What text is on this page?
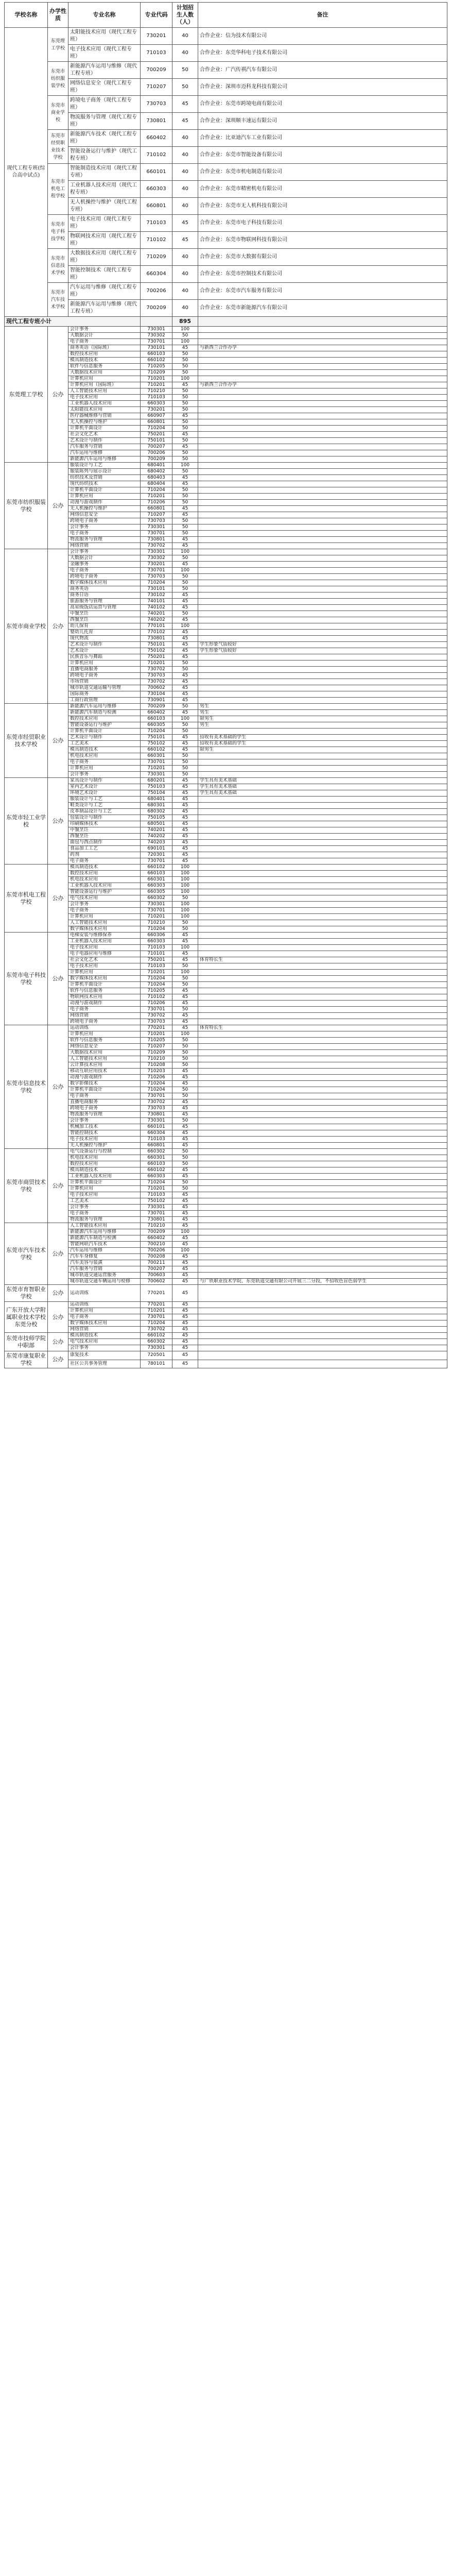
学校名称	办学性质	专业名称	专业代码	计划招生人数（人）	备注
现代工程专班(综合高中试点)	东莞理工学校	太阳能技术应用（现代工程专班）	730201	40	合作企业：信为技术有限公司
		电子技术应用（现代工程专班）	710103	40	合作企业：东莞华科电子技术有限公司
	东莞市纺织服装学校	新能源汽车运用与维修（现代工程专班）	700209	50	合作企业：广汽传祺汽车有限公司
		网络信息安全（现代工程专班）	710207	50	合作企业：深圳市迈科龙科技有限公司
	东莞市商业学校	跨境电子商务（现代工程专班）	730703	45	合作企业：东莞市跨境电商有限公司
		物流服务与管理（现代工程专班）	730801	45	合作企业：深圳顺丰速运有限公司
	东莞市经贸职业技术学校	新能源汽车技术（现代工程专班）	660402	40	合作企业：比亚迪汽车工业有限公司
		智能设备运行与维护（现代工程专班）	710102	40	合作企业：东莞市智能设备有限公司
	东莞市机电工程学校	智能制造技术应用（现代工程专班）	660101	40	合作企业：东莞市机电制造有限公司
		工业机器人技术应用（现代工程专班）	660303	40	合作企业：东莞市精密机电有限公司
		无人机操控与维护（现代工程专班）	660801	40	合作企业：东莞市无人机科技有限公司
	东莞市电子科技学校	电子技术应用（现代工程专班）	710103	45	合作企业：东莞市电子科技有限公司
		物联网技术应用（现代工程专班）	710102	45	合作企业：东莞市物联网科技有限公司
	东莞市信息技术学校	大数据技术应用（现代工程专班）	710209	40	合作企业：东莞市大数据有限公司
		智能控制技术（现代工程专班）	660304	40	合作企业：东莞市控制技术有限公司
	东莞市汽车技术学校	汽车运用与维修（现代工程专班）	700206	40	合作企业：东莞市汽车服务有限公司
		新能源汽车运用与维修（现代工程专班）	700209	40	合作企业：东莞市新能源汽车有限公司
现代工程专班小计				895	
东莞理工学校	公办	会计事务	730301	100	
		大数据会计	730302	50	
		电子商务	730701	100	
		商务英语（国际班）	730101	45	与新西兰合作办学
		数控技术应用	660103	50	
		模具制造技术	660102	50	
		软件与信息服务	710205	50	
		大数据技术应用	710209	50	
		计算机应用	710201	100	
		计算机应用（国际班）	710201	45	与新西兰合作办学
		人工智能技术应用	710210	50	
		电子技术应用	710103	50	
		工业机器人技术应用	660303	50	
		太阳能技术应用	730201	50	
		医疗器械维修与营销	660907	45	
		无人机操控与维护	660801	50	
		计算机平面设计	710204	50	
		社会文化艺术	750201	45	
		艺术设计与制作	750101	50	
		汽车服务与营销	700207	45	
		汽车运用与维修	700206	50	
		新能源汽车运用与维修	700209	50	
东莞市纺织服装学校	公办	服装设计与工艺	680401	100	
		服装陈列与展示设计	680402	50	
		纺织技术及营销	680403	45	
		现代纺织技术	680404	45	
		计算机平面设计	710204	50	
		计算机应用	710201	50	
		动漫与游戏制作	710206	50	
		无人机操控与维护	660801	45	
		网络信息安全	710207	45	
		跨境电子商务	730703	50	
		会计事务	730301	50	
		电子商务	730701	50	
		物流服务与管理	730801	45	
		网络营销	730702	45	
东莞市商业学校	公办	会计事务	730301	100	
		大数据会计	730302	50	
		金融事务	730201	45	
		电子商务	730701	100	
		跨境电子商务	730703	50	
		数字媒体技术应用	710204	50	
		商务英语	730101	50	
		商务日语	730102	45	
		旅游服务与管理	740101	45	
		高星级饭店运营与管理	740102	45	
		中餐烹饪	740201	50	
		西餐烹饪	740202	45	
		幼儿保育	770101	100	
		婴幼儿托育	770102	45	
		现代物流	730801	45	
		艺术设计与制作	750101	45	学生形象气质较好
		艺术设计	750102	45	学生形象气质较好
		民族音乐与舞蹈	750201	45	
		计算机应用	710201	50	
		直播电商服务	730702	50	
		跨境电子商务	730703	45	
		市场营销	730702	45	
		城市轨道交通运输与管理	700602	45	
		国际商务	730104	45	
		工商行政管理	730901	45	
东莞市经贸职业技术学校	公办	新能源汽车运用与维修	700209	50	男生
		新能源汽车制造与检测	660402	45	男生
		数控技术应用	660103	100	限男生
		智能设备运行与维护	660305	50	男生
		计算机平面设计	710204	50	
		艺术设计与制作	750101	45	招收有美术基础的学生
		工艺美术	750102	45	招收有美术基础的学生
		模具制造技术	660102	45	限男生
		机电技术应用	660301	50	
		电子商务	730701	50	
		计算机应用	710201	50	
		会计事务	730301	50	
东莞市轻工业学校	公办	家具设计与制作	680201	45	学生具有美术基础
		室内艺术设计	750103	45	学生具有美术基础
		环境艺术设计	750104	45	学生具有美术基础
		服装设计与工艺	680401	45	
		鞋类设计与工艺	680301	45	
		皮革制品设计与工艺	680302	45	
		包装设计与制作	750105	45	
		印刷媒体技术	680501	45	
		中餐烹饪	740201	45	
		西餐烹饪	740202	45	
		面包与西点制作	740203	45	
		食品加工工艺	690101	45	
		药剂	720301	45	
		电子商务	730701	45	
东莞市机电工程学校	公办	模具制造技术	660102	100	
		数控技术应用	660103	100	
		机电技术应用	660301	100	
		工业机器人技术应用	660303	100	
		智能设备运行与维护	660305	100	
		电气技术应用	660302	50	
		会计事务	730301	100	
		电子商务	730701	100	
		计算机应用	710201	100	
		人工智能技术应用	710210	50	
		数字媒体技术应用	710204	50	
东莞市电子科技学校	公办	电梯安装与维修保养	660306	45	
		工业机器人技术应用	660303	45	
		电子技术应用	710103	100	
		电子电器应用与维修	710101	45	
		社会文化艺术	750201	45	体育特长生
		电子技术应用	710103	50	
		计算机应用	710201	100	
		数字媒体技术应用	710204	50	
		计算机平面设计	710204	50	
		软件与信息服务	710205	45	
		物联网技术应用	710102	45	
		动漫与游戏制作	710206	45	
		电子商务	730701	50	
		网络营销	730702	45	
		跨境电子商务	730703	45	
东莞市信息技术学校	公办	运动训练	770201	45	体育特长生
		计算机应用	710201	100	
		软件与信息服务	710205	50	
		网络信息安全	710207	50	
		大数据技术应用	710209	50	
		人工智能技术应用	710210	50	
		云计算技术应用	710208	50	
		移动互联应用技术	710203	45	
		动漫与游戏制作	710206	45	
		数字影像技术	710204	45	
		计算机平面设计	710204	50	
		电子商务	730701	50	
		直播电商服务	730702	45	
		跨境电子商务	730703	45	
		物流服务与管理	730801	45	
		会计事务	730301	50	
		机械加工技术	660101	45	
		智能控制技术	660304	45	
		电子技术应用	710103	45	
		无人机操控与维护	660801	45	
东莞市商贸技术学校	公办	电气设备运行与控制	660302	50	
		机电技术应用	660301	50	
		数控技术应用	660103	50	
		模具制造技术	660102	45	
		工业机器人技术应用	660303	45	
		计算机平面设计	710204	50	
		计算机应用	710201	50	
		电子技术应用	710103	45	
		工艺美术	750102	45	
		会计事务	730301	45	
		电子商务	730701	45	
		物流服务与管理	730801	45	
东莞市汽车技术学校	公办	人工智能技术应用	710210	45	
		新能源汽车运用与维修	700209	100	
		新能源汽车制造与检测	660402	45	
		智能网联汽车技术	700210	45	
		汽车运用与维修	700206	100	
		汽车车身修复	700208	45	
		汽车美容与装潢	700211	45	
		汽车服务与营销	700207	45	
		城市轨道交通运营服务	700603	45	
		城市轨道交通车辆运用与检修	700602	45	与广铁职业技术学院、东莞轨道交通有限公司开展三二分段，不招收色盲色弱学生
东莞市育智职业学校	公办	运动训练	770201	45	
广东开放大学附属职业技术学校东莞分校	公办	运动训练	770201	45	
		计算机应用	710201	45	
		电子商务	730701	45	
		数字媒体技术应用	710204	45	
		网络营销	730702	45	
东莞市技师学院中职部	公办	模具制造技术	660102	45	
		电气技术应用	660302	45	
		会计事务	730301	45	
东莞市康复职业学校	公办	康复技术	720501	45	
		社区公共事务管理	780101	45	
